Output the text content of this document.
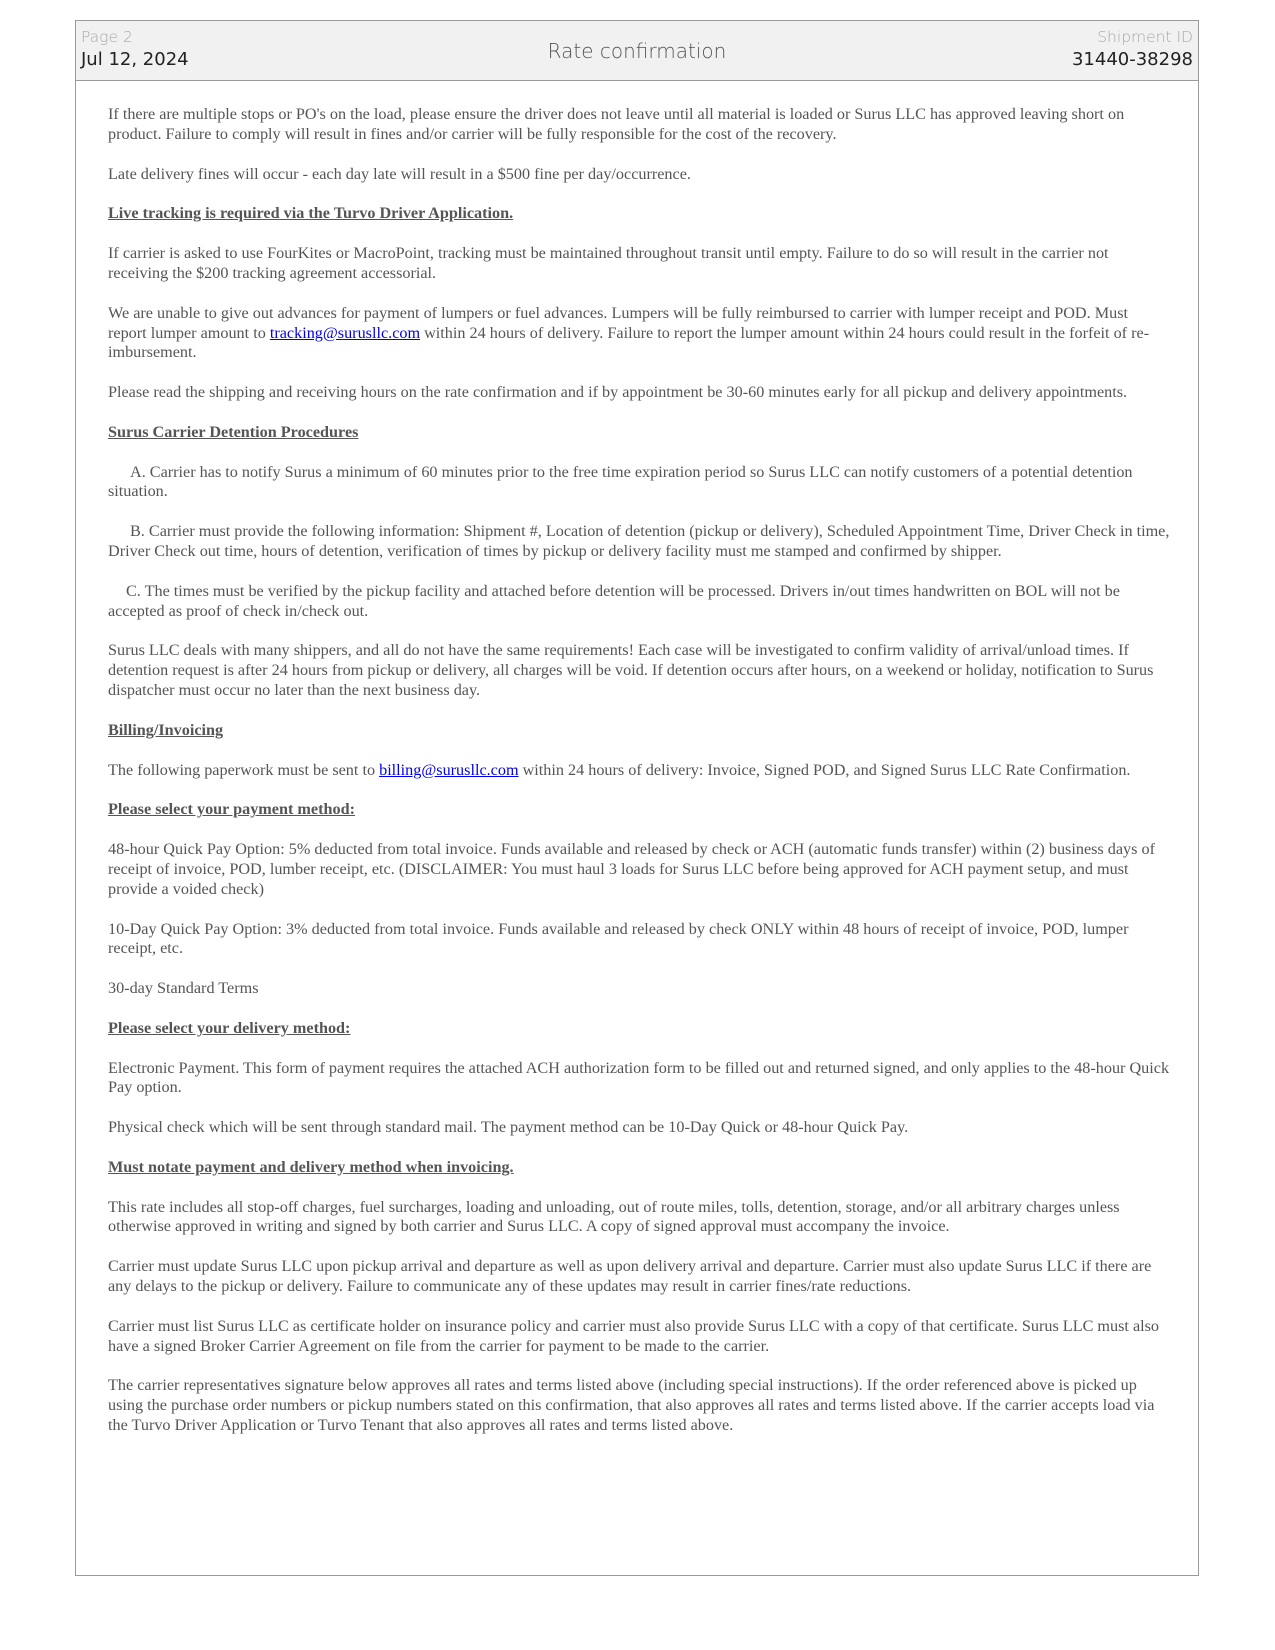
Page 2
Jul 12, 2024	Rate confirmation
Shipment ID
31440-38298

If there are multiple stops or PO's on the load, please ensure the driver does not leave until all material is loaded or Surus LLC has approved leaving short on product. Failure to comply will result in fines and/or carrier will be fully responsible for the cost of the recovery.

Late delivery fines will occur - each day late will result in a $500 fine per day/occurrence.

Live tracking is required via the Turvo Driver Application.

If carrier is asked to use FourKites or MacroPoint, tracking must be maintained throughout transit until empty. Failure to do so will result in the carrier not receiving the $200 tracking agreement accessorial.

We are unable to give out advances for payment of lumpers or fuel advances. Lumpers will be fully reimbursed to carrier with lumper receipt and POD. Must report lumper amount to tracking@surusllc.com within 24 hours of delivery. Failure to report the lumper amount within 24 hours could result in the forfeit of re-imbursement.

Please read the shipping and receiving hours on the rate confirmation and if by appointment be 30-60 minutes early for all pickup and delivery appointments.

Surus Carrier Detention Procedures

A. Carrier has to notify Surus a minimum of 60 minutes prior to the free time expiration period so Surus LLC can notify customers of a potential detention situation.

B. Carrier must provide the following information: Shipment #, Location of detention (pickup or delivery), Scheduled Appointment Time, Driver Check in time, Driver Check out time, hours of detention, verification of times by pickup or delivery facility must me stamped and confirmed by shipper.

C. The times must be verified by the pickup facility and attached before detention will be processed. Drivers in/out times handwritten on BOL will not be accepted as proof of check in/check out.

Surus LLC deals with many shippers, and all do not have the same requirements! Each case will be investigated to confirm validity of arrival/unload times. If detention request is after 24 hours from pickup or delivery, all charges will be void. If detention occurs after hours, on a weekend or holiday, notification to Surus dispatcher must occur no later than the next business day.

Billing/Invoicing

The following paperwork must be sent to billing@surusllc.com within 24 hours of delivery: Invoice, Signed POD, and Signed Surus LLC Rate Confirmation.

Please select your payment method:

48-hour Quick Pay Option: 5% deducted from total invoice. Funds available and released by check or ACH (automatic funds transfer) within (2) business days of receipt of invoice, POD, lumber receipt, etc. (DISCLAIMER: You must haul 3 loads for Surus LLC before being approved for ACH payment setup, and must provide a voided check)

10-Day Quick Pay Option: 3% deducted from total invoice. Funds available and released by check ONLY within 48 hours of receipt of invoice, POD, lumper receipt, etc.

30-day Standard Terms

Please select your delivery method:

Electronic Payment. This form of payment requires the attached ACH authorization form to be filled out and returned signed, and only applies to the 48-hour Quick Pay option.

Physical check which will be sent through standard mail. The payment method can be 10-Day Quick or 48-hour Quick Pay.

Must notate payment and delivery method when invoicing.

This rate includes all stop-off charges, fuel surcharges, loading and unloading, out of route miles, tolls, detention, storage, and/or all arbitrary charges unless otherwise approved in writing and signed by both carrier and Surus LLC. A copy of signed approval must accompany the invoice.

Carrier must update Surus LLC upon pickup arrival and departure as well as upon delivery arrival and departure. Carrier must also update Surus LLC if there are any delays to the pickup or delivery. Failure to communicate any of these updates may result in carrier fines/rate reductions.

Carrier must list Surus LLC as certificate holder on insurance policy and carrier must also provide Surus LLC with a copy of that certificate. Surus LLC must also have a signed Broker Carrier Agreement on file from the carrier for payment to be made to the carrier.

The carrier representatives signature below approves all rates and terms listed above (including special instructions). If the order referenced above is picked up using the purchase order numbers or pickup numbers stated on this confirmation, that also approves all rates and terms listed above. If the carrier accepts load via the Turvo Driver Application or Turvo Tenant that also approves all rates and terms listed above.
